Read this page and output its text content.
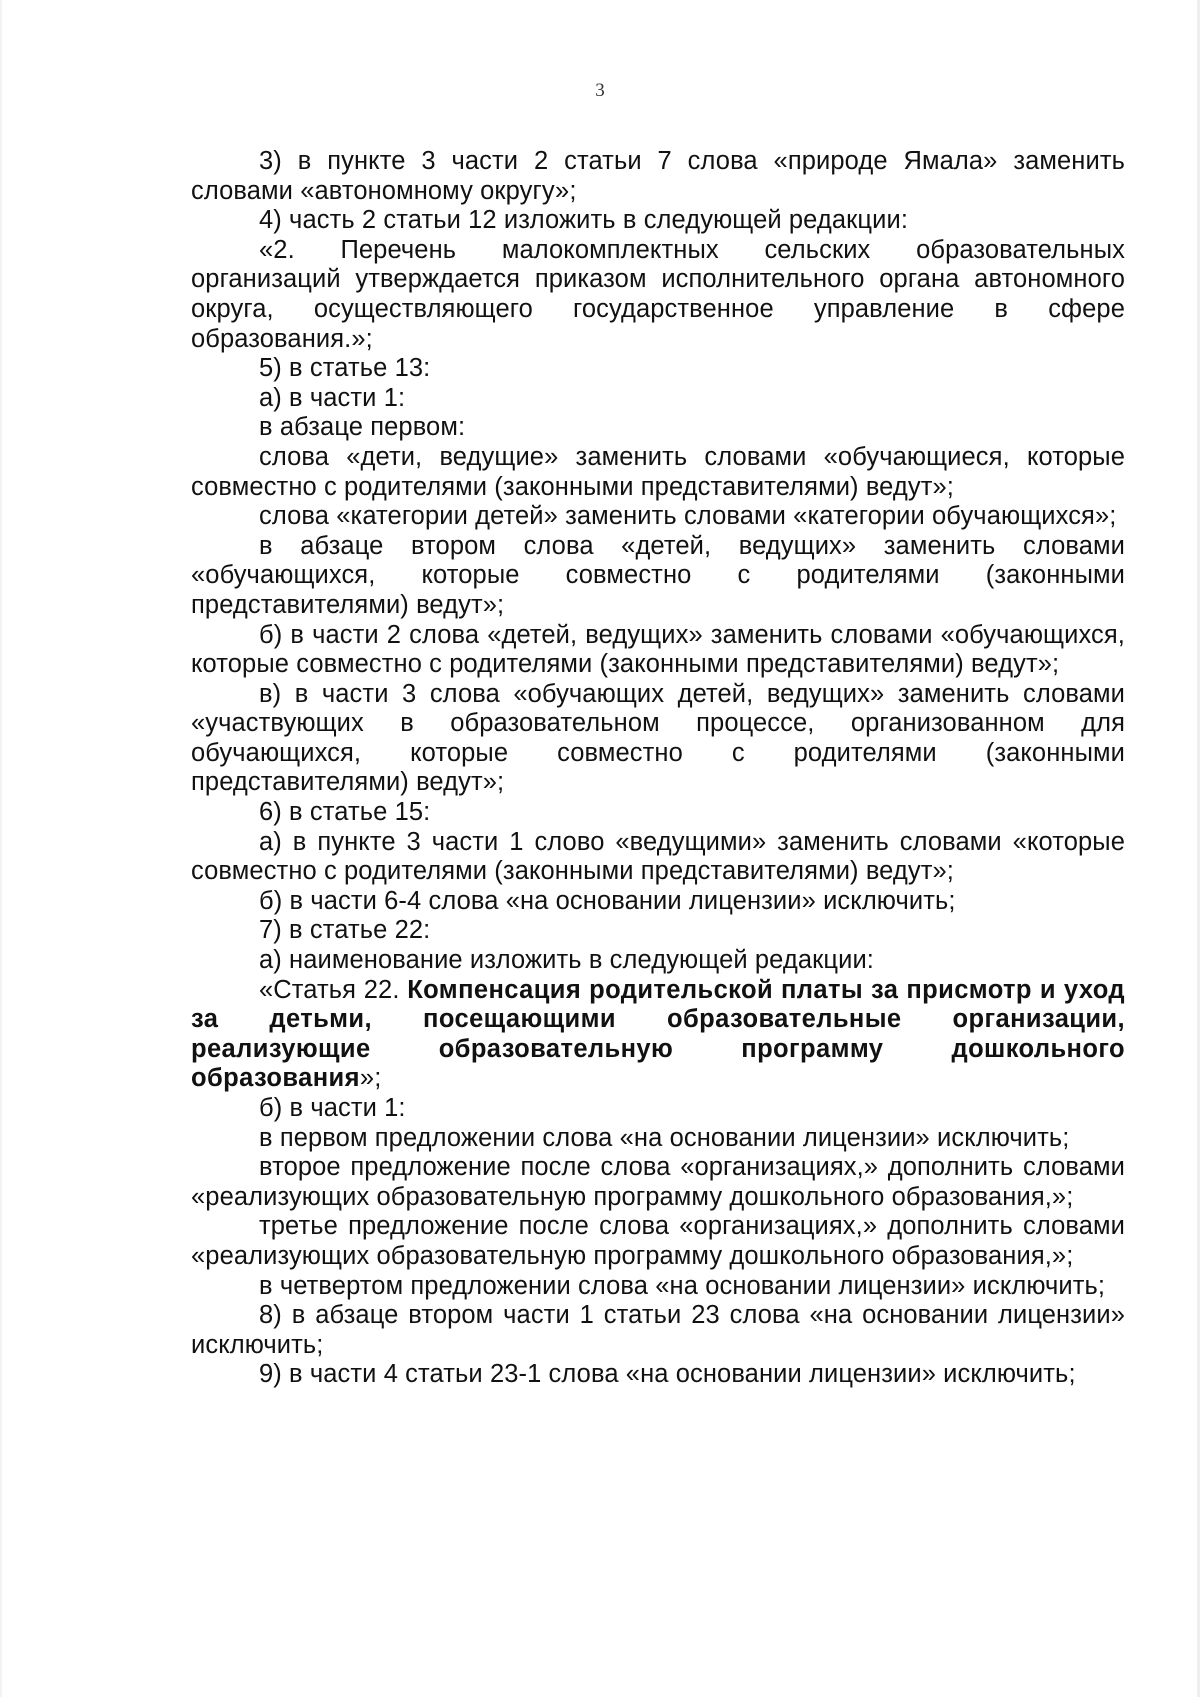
3

3) в пункте 3 части 2 статьи 7 слова «природе Ямала» заменить словами «автономному округу»;

4) часть 2 статьи 12 изложить в следующей редакции:

«2. Перечень малокомплектных сельских образовательных организаций утверждается приказом исполнительного органа автономного округа, осуществляющего государственное управление в сфере образования.»;

5) в статье 13:

а) в части 1:

в абзаце первом:

слова «дети, ведущие» заменить словами «обучающиеся, которые совместно с родителями (законными представителями) ведут»;

слова «категории детей» заменить словами «категории обучающихся»;

в абзаце втором слова «детей, ведущих» заменить словами «обучающихся, которые совместно с родителями (законными представителями) ведут»;

б) в части 2 слова «детей, ведущих» заменить словами «обучающихся, которые совместно с родителями (законными представителями) ведут»;

в) в части 3 слова «обучающих детей, ведущих» заменить словами «участвующих в образовательном процессе, организованном для обучающихся, которые совместно с родителями (законными представителями) ведут»;

6) в статье 15:

а) в пункте 3 части 1 слово «ведущими» заменить словами «которые совместно с родителями (законными представителями) ведут»;

б) в части 6-4 слова «на основании лицензии» исключить;

7) в статье 22:

а) наименование изложить в следующей редакции:

«Статья 22. Компенсация родительской платы за присмотр и уход за детьми, посещающими образовательные организации, реализующие образовательную программу дошкольного образования»;

б) в части 1:

в первом предложении слова «на основании лицензии» исключить;

второе предложение после слова «организациях,» дополнить словами «реализующих образовательную программу дошкольного образования,»;

третье предложение после слова «организациях,» дополнить словами «реализующих образовательную программу дошкольного образования,»;

в четвертом предложении слова «на основании лицензии» исключить;

8) в абзаце втором части 1 статьи 23 слова «на основании лицензии» исключить;

9) в части 4 статьи 23-1 слова «на основании лицензии» исключить;
